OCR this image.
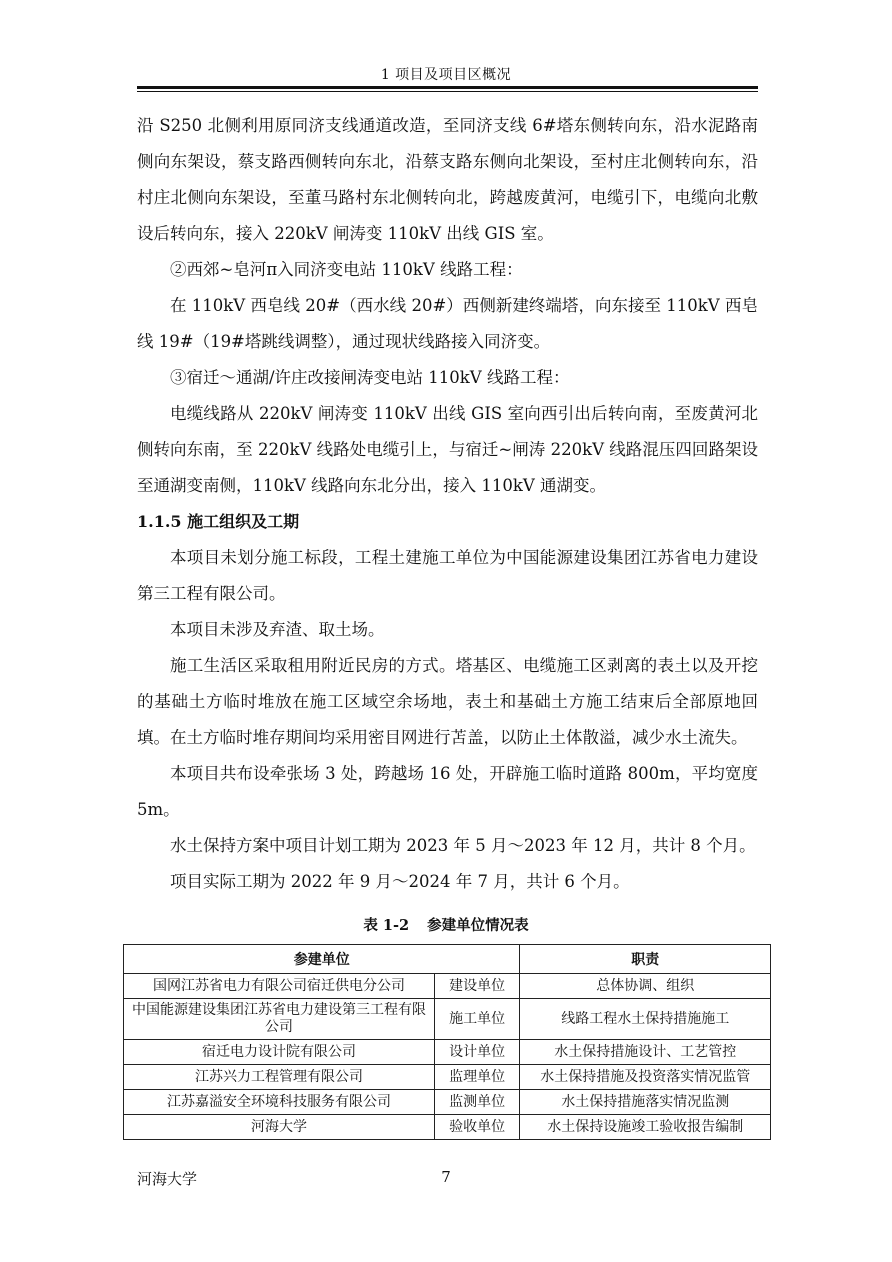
1 项目及项目区概况

沿 S250 北侧利用原同济支线通道改造，至同济支线 6#塔东侧转向东，沿水泥路南侧向东架设，蔡支路西侧转向东北，沿蔡支路东侧向北架设，至村庄北侧转向东，沿村庄北侧向东架设，至董马路村东北侧转向北，跨越废黄河，电缆引下，电缆向北敷设后转向东，接入 220kV 闸涛变 110kV 出线 GIS 室。

②西郊~皂河π入同济变电站 110kV 线路工程：

在 110kV 西皂线 20#（西水线 20#）西侧新建终端塔，向东接至 110kV 西皂线 19#（19#塔跳线调整），通过现状线路接入同济变。

③宿迁～通湖/许庄改接闸涛变电站 110kV 线路工程：

电缆线路从 220kV 闸涛变 110kV 出线 GIS 室向西引出后转向南，至废黄河北侧转向东南，至 220kV 线路处电缆引上，与宿迁~闸涛 220kV 线路混压四回路架设至通湖变南侧，110kV 线路向东北分出，接入 110kV 通湖变。

1.1.5 施工组织及工期

本项目未划分施工标段，工程土建施工单位为中国能源建设集团江苏省电力建设第三工程有限公司。

本项目未涉及弃渣、取土场。

施工生活区采取租用附近民房的方式。塔基区、电缆施工区剥离的表土以及开挖的基础土方临时堆放在施工区域空余场地，表土和基础土方施工结束后全部原地回填。在土方临时堆存期间均采用密目网进行苫盖，以防止土体散溢，减少水土流失。

本项目共布设牵张场 3 处，跨越场 16 处，开辟施工临时道路 800m，平均宽度 5m。

水土保持方案中项目计划工期为 2023 年 5 月～2023 年 12 月，共计 8 个月。

项目实际工期为 2022 年 9 月～2024 年 7 月，共计 6 个月。

表 1-2 参建单位情况表
参建单位		职责
国网江苏省电力有限公司宿迁供电分公司	建设单位	总体协调、组织
中国能源建设集团江苏省电力建设第三工程有限公司	施工单位	线路工程水土保持措施施工
宿迁电力设计院有限公司	设计单位	水土保持措施设计、工艺管控
江苏兴力工程管理有限公司	监理单位	水土保持措施及投资落实情况监管
江苏嘉溢安全环境科技服务有限公司	监测单位	水土保持措施落实情况监测
河海大学	验收单位	水土保持设施竣工验收报告编制
河海大学	7
